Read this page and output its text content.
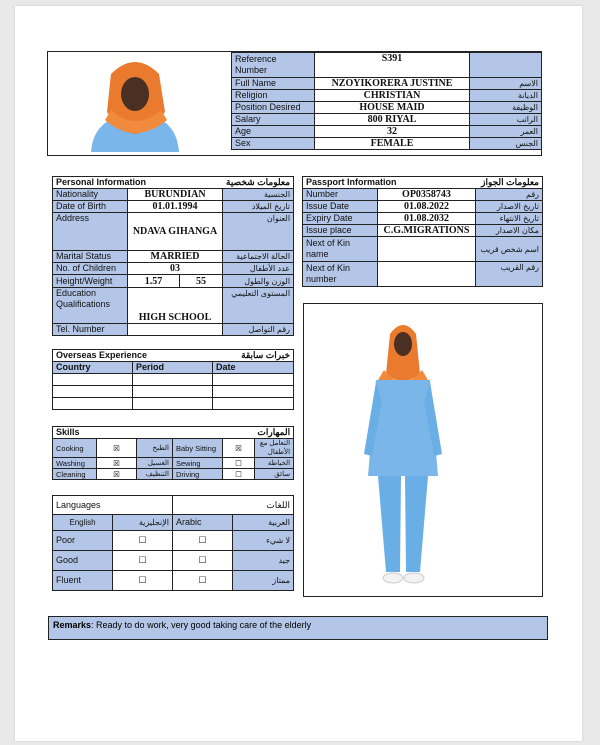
Reference Number	S391	
Full Name	NZOYIKORERA JUSTINE	الاسم
Religion	CHRISTIAN	الديانة
Position Desired	HOUSE MAID	الوظيفة
Salary	800 RIYAL	الراتب
Age	32	العمر
Sex	FEMALE	الجنس
Personal Information معلومات شخصية			

Nationality	BURUNDIAN		الجنسية
Date of Birth	01.01.1994		تاريخ الميلاد
Address	NDAVA GIHANGA		العنوان
Marital Status	MARRIED		الحالة الاجتماعية
No. of Children	03		عدد الأطفال
Height/Weight	1.57	55	الوزن والطول
Education Qualifications	HIGH SCHOOL		المستوى التعليمي
Tel. Number			رقم التواصل
Passport Information معلومات الجواز		

Number	OP0358743	رقم
Issue Date	01.08.2022	تاريخ الاصدار
Expiry Date	01.08.2032	تاريخ الانتهاء
Issue place	C.G.MIGRATIONS	مكان الاصدار
Next of Kin name		اسم شخص قريب
Next of Kin number		رقم القريب
Overseas Experience خبرات سابقة		

Country	Period	Date

Skills المهارات					

Cooking	☒	الطبخ	Baby Sitting	☒	التعامل مع الأطفال
Washing	☒	الغسيل	Sewing	☐	الخياطة
Cleaning	☒	التنظيف	Driving	☐	سائق
Languages		اللغات	
English	الإنجليزية	Arabic	العربية
Poor	☐	☐	لا شيء
Good	☐	☐	جيد
Fluent	☐	☐	ممتاز
Remarks: Ready to do work, very good taking care of the elderly
